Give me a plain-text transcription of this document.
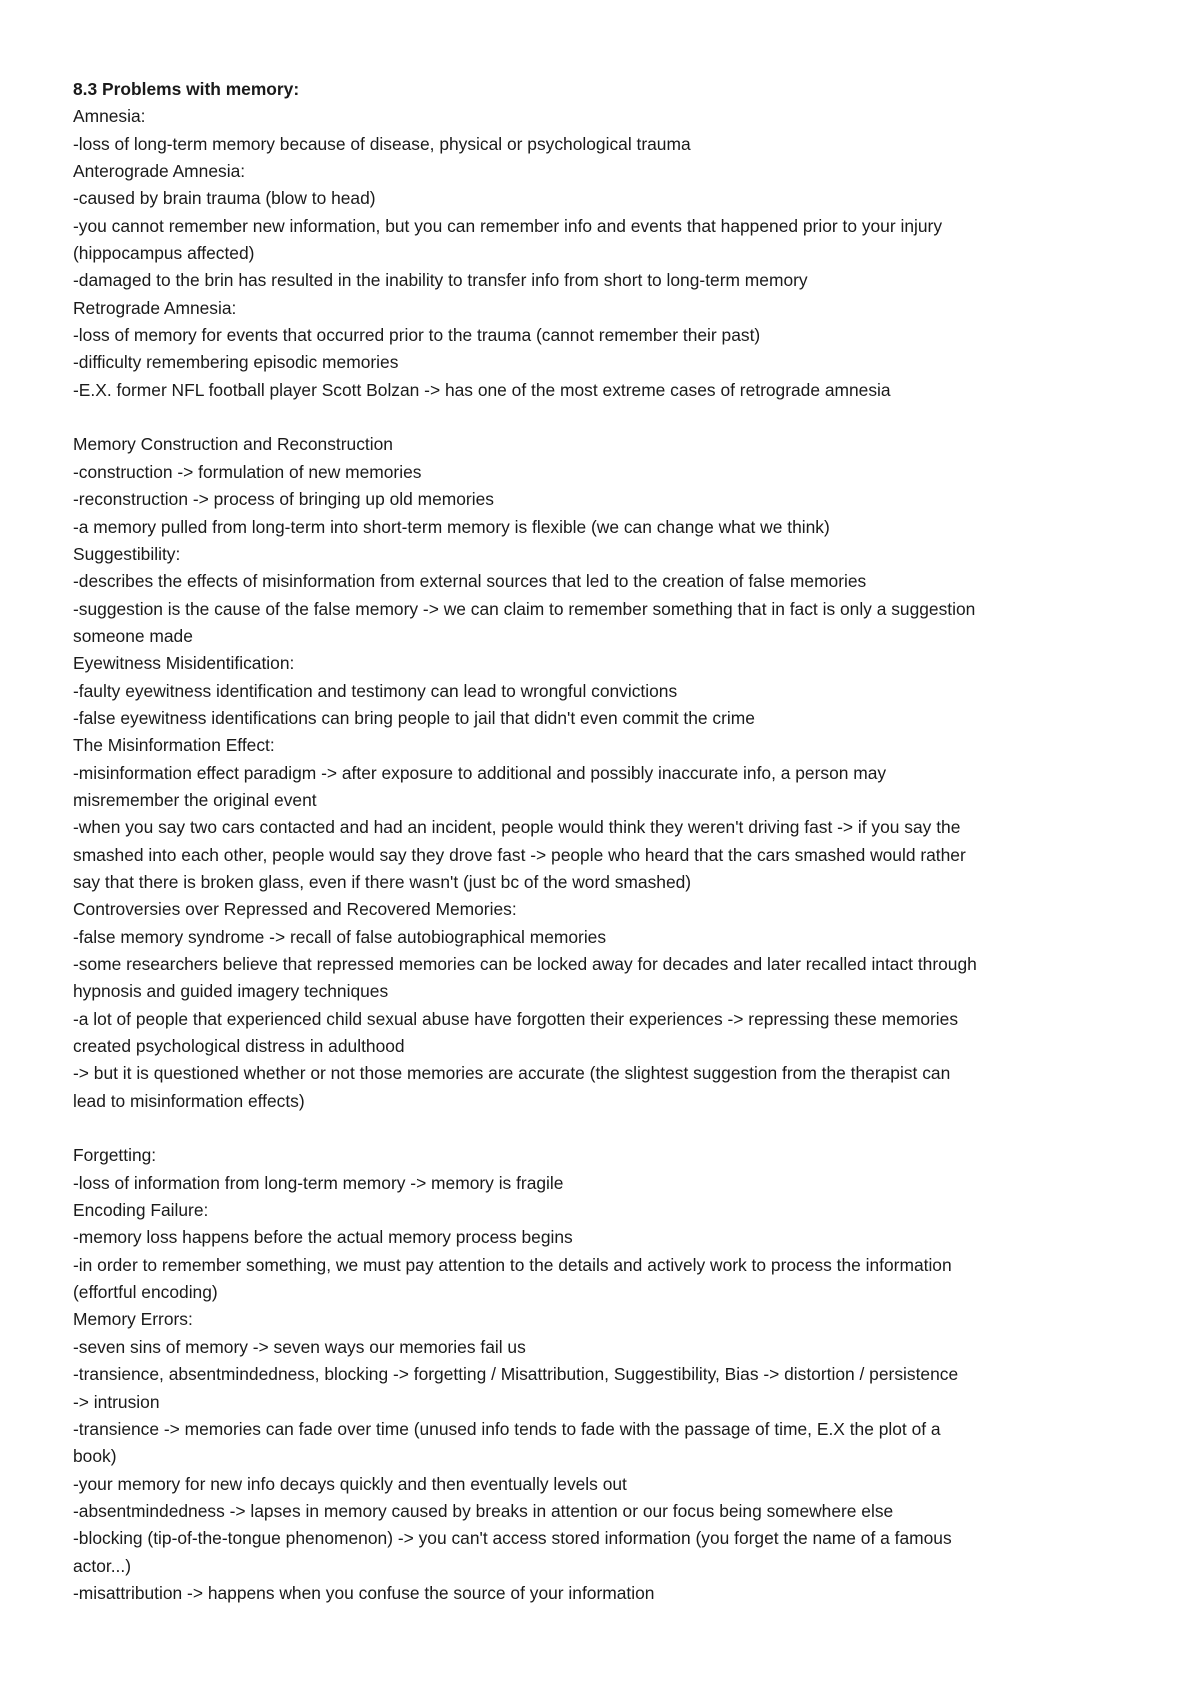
8.3 Problems with memory:
Amnesia:
-loss of long-term memory because of disease, physical or psychological trauma
Anterograde Amnesia:
-caused by brain trauma (blow to head)
-you cannot remember new information, but you can remember info and events that happened prior to your injury
(hippocampus affected)
-damaged to the brin has resulted in the inability to transfer info from short to long-term memory
Retrograde Amnesia:
-loss of memory for events that occurred prior to the trauma (cannot remember their past)
-difficulty remembering episodic memories
-E.X. former NFL football player Scott Bolzan -> has one of the most extreme cases of retrograde amnesia
Memory Construction and Reconstruction
-construction -> formulation of new memories
-reconstruction -> process of bringing up old memories
-a memory pulled from long-term into short-term memory is flexible (we can change what we think)
Suggestibility:
-describes the effects of misinformation from external sources that led to the creation of false memories
-suggestion is the cause of the false memory -> we can claim to remember something that in fact is only a suggestion
someone made
Eyewitness Misidentification:
-faulty eyewitness identification and testimony can lead to wrongful convictions
-false eyewitness identifications can bring people to jail that didn't even commit the crime
The Misinformation Effect:
-misinformation effect paradigm -> after exposure to additional and possibly inaccurate info, a person may
misremember the original event
-when you say two cars contacted and had an incident, people would think they weren't driving fast -> if you say the
smashed into each other, people would say they drove fast -> people who heard that the cars smashed would rather
say that there is broken glass, even if there wasn't (just bc of the word smashed)
Controversies over Repressed and Recovered Memories:
-false memory syndrome -> recall of false autobiographical memories
-some researchers believe that repressed memories can be locked away for decades and later recalled intact through
hypnosis and guided imagery techniques
-a lot of people that experienced child sexual abuse have forgotten their experiences -> repressing these memories
created psychological distress in adulthood
-> but it is questioned whether or not those memories are accurate (the slightest suggestion from the therapist can
lead to misinformation effects)
Forgetting:
-loss of information from long-term memory -> memory is fragile
Encoding Failure:
-memory loss happens before the actual memory process begins
-in order to remember something, we must pay attention to the details and actively work to process the information
(effortful encoding)
Memory Errors:
-seven sins of memory -> seven ways our memories fail us
-transience, absentmindedness, blocking -> forgetting / Misattribution, Suggestibility, Bias -> distortion / persistence
-> intrusion
-transience -> memories can fade over time (unused info tends to fade with the passage of time, E.X the plot of a
book)
-your memory for new info decays quickly and then eventually levels out
-absentmindedness -> lapses in memory caused by breaks in attention or our focus being somewhere else
-blocking (tip-of-the-tongue phenomenon) -> you can't access stored information (you forget the name of a famous
actor...)
-misattribution -> happens when you confuse the source of your information
